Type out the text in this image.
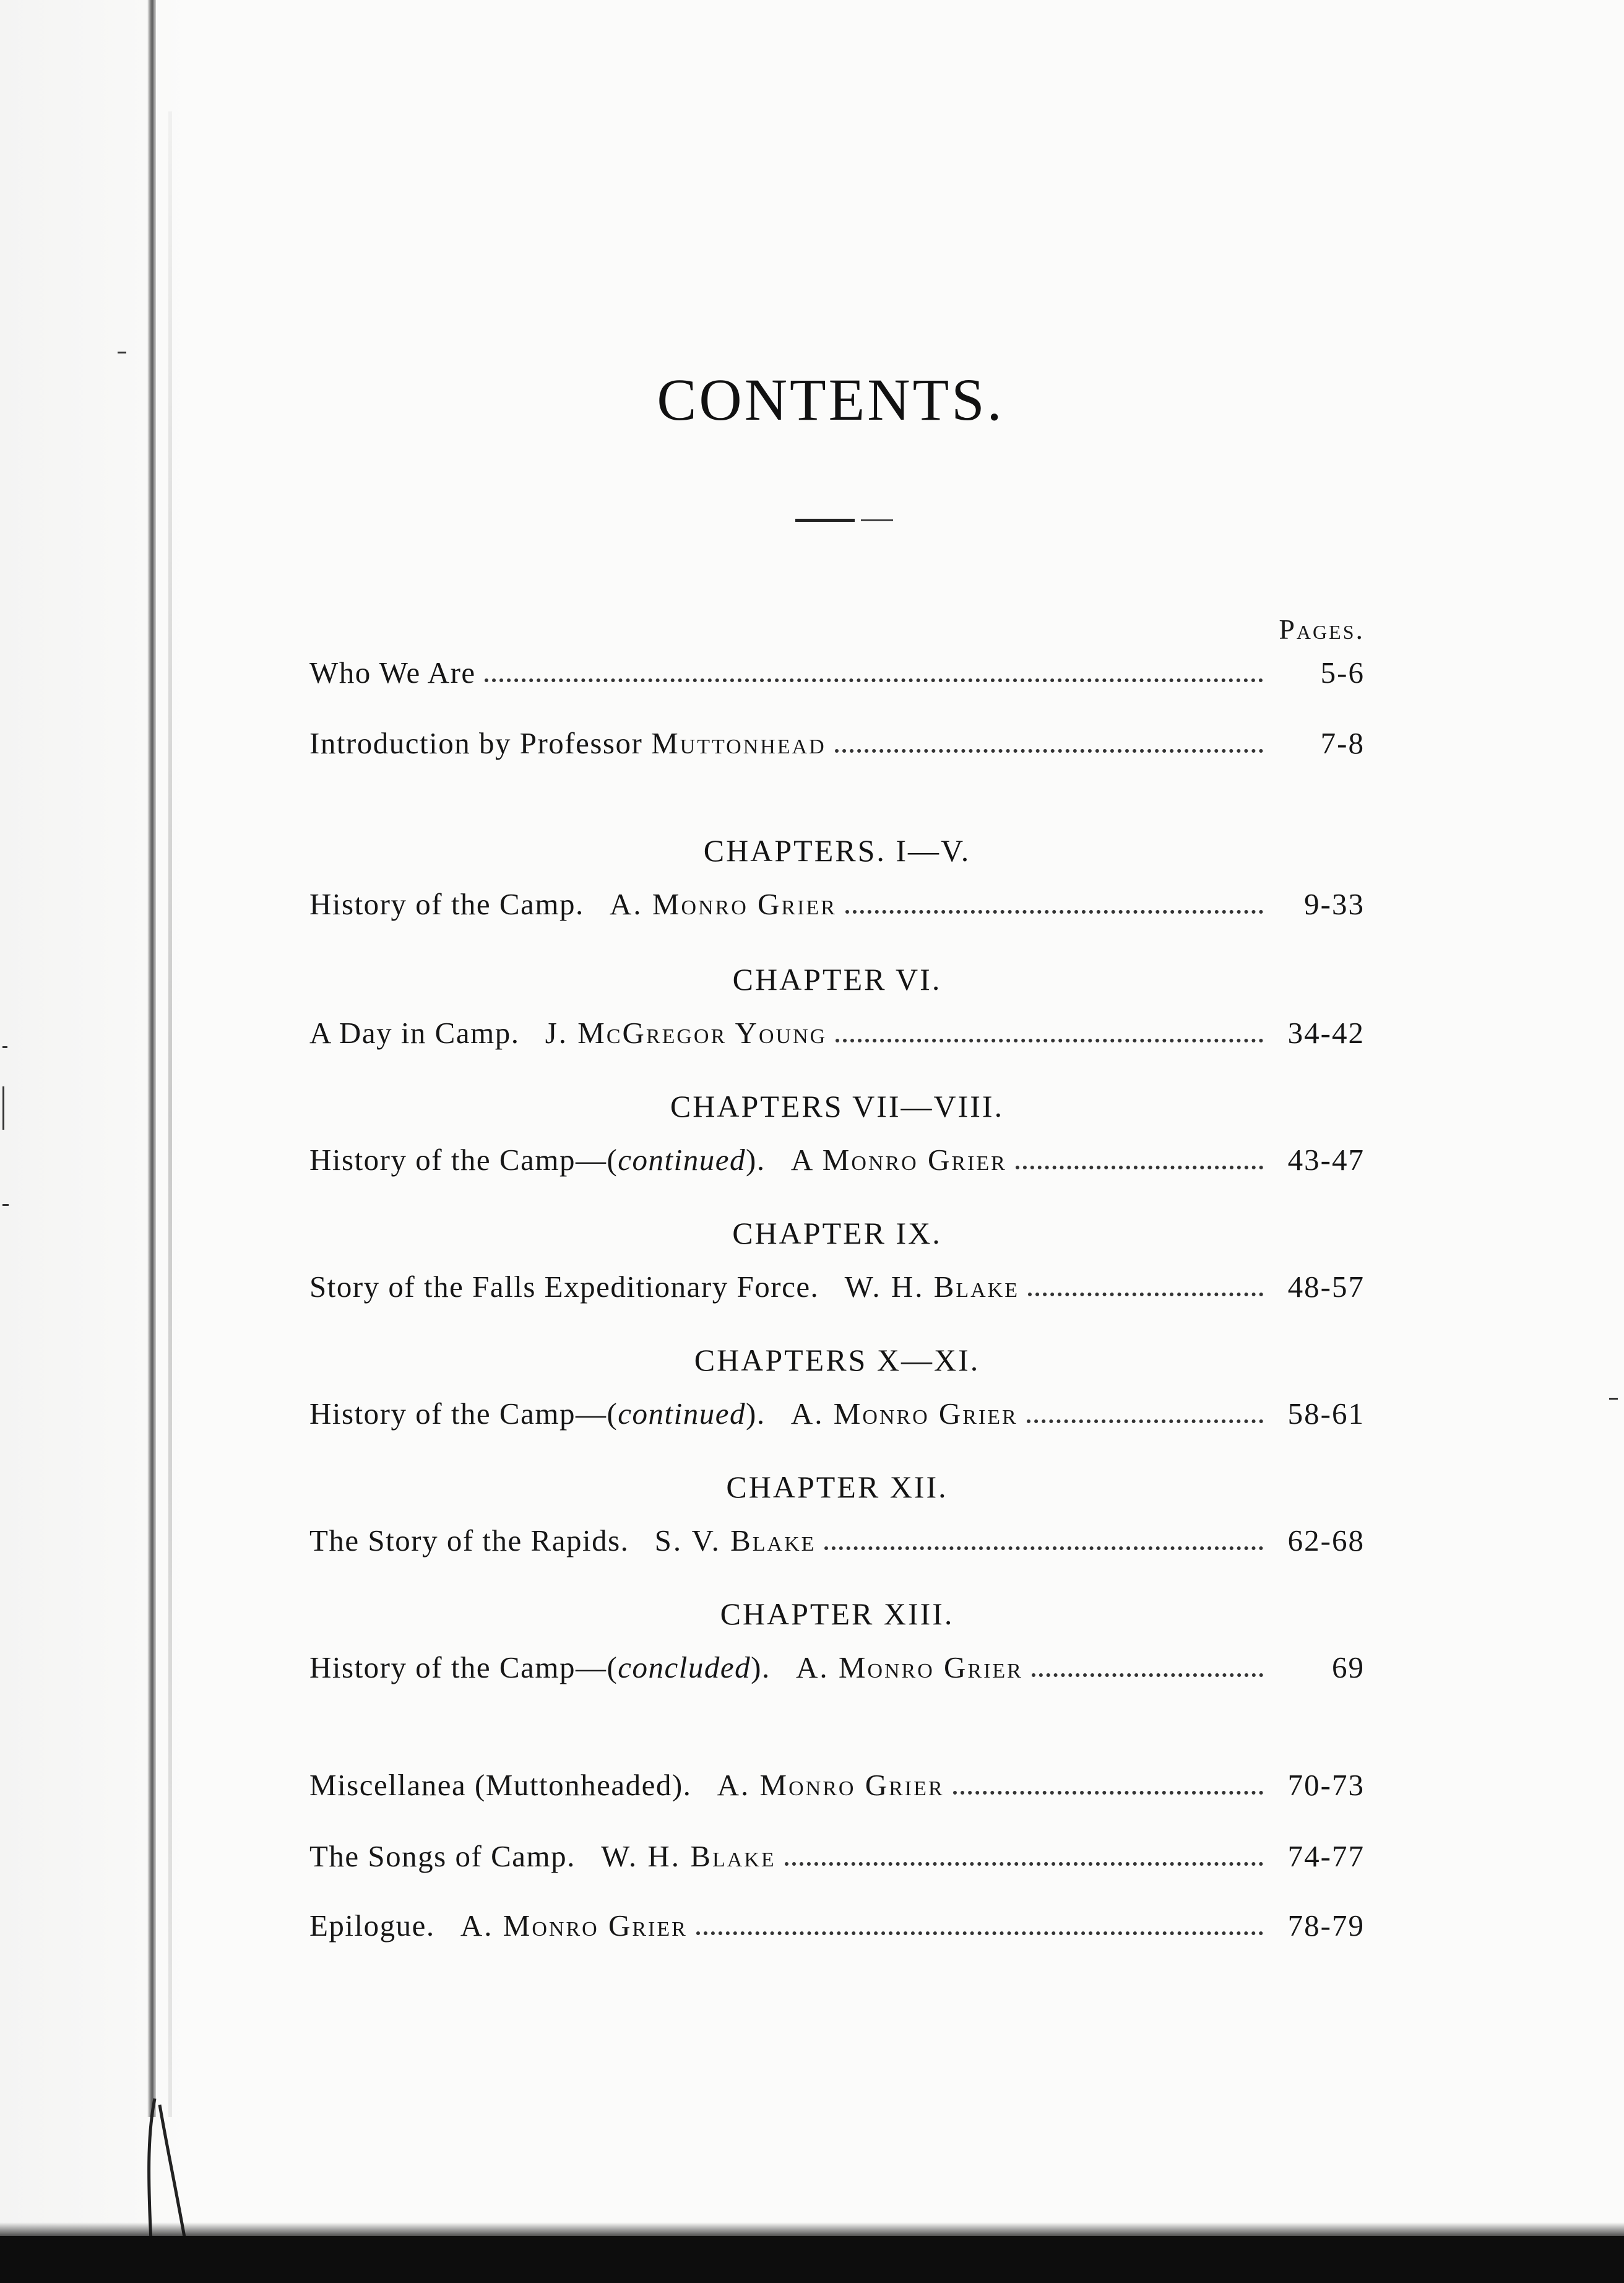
CONTENTS.
Pages.
Who We Are	5-6
Introduction by Professor Muttonhead	7-8
CHAPTERS. I—V.
History of the Camp. A. Monro Grier	9-33
CHAPTER VI.
A Day in Camp. J. McGregor Young	34-42
CHAPTERS VII—VIII.
History of the Camp—(continued). A Monro Grier	43-47
CHAPTER IX.
Story of the Falls Expeditionary Force. W. H. Blake	48-57
CHAPTERS X—XI.
History of the Camp—(continued). A. Monro Grier	58-61
CHAPTER XII.
The Story of the Rapids. S. V. Blake	62-68
CHAPTER XIII.
History of the Camp—(concluded). A. Monro Grier	69
Miscellanea (Muttonheaded). A. Monro Grier	70-73
The Songs of Camp. W. H. Blake	74-77
Epilogue. A. Monro Grier	78-79
